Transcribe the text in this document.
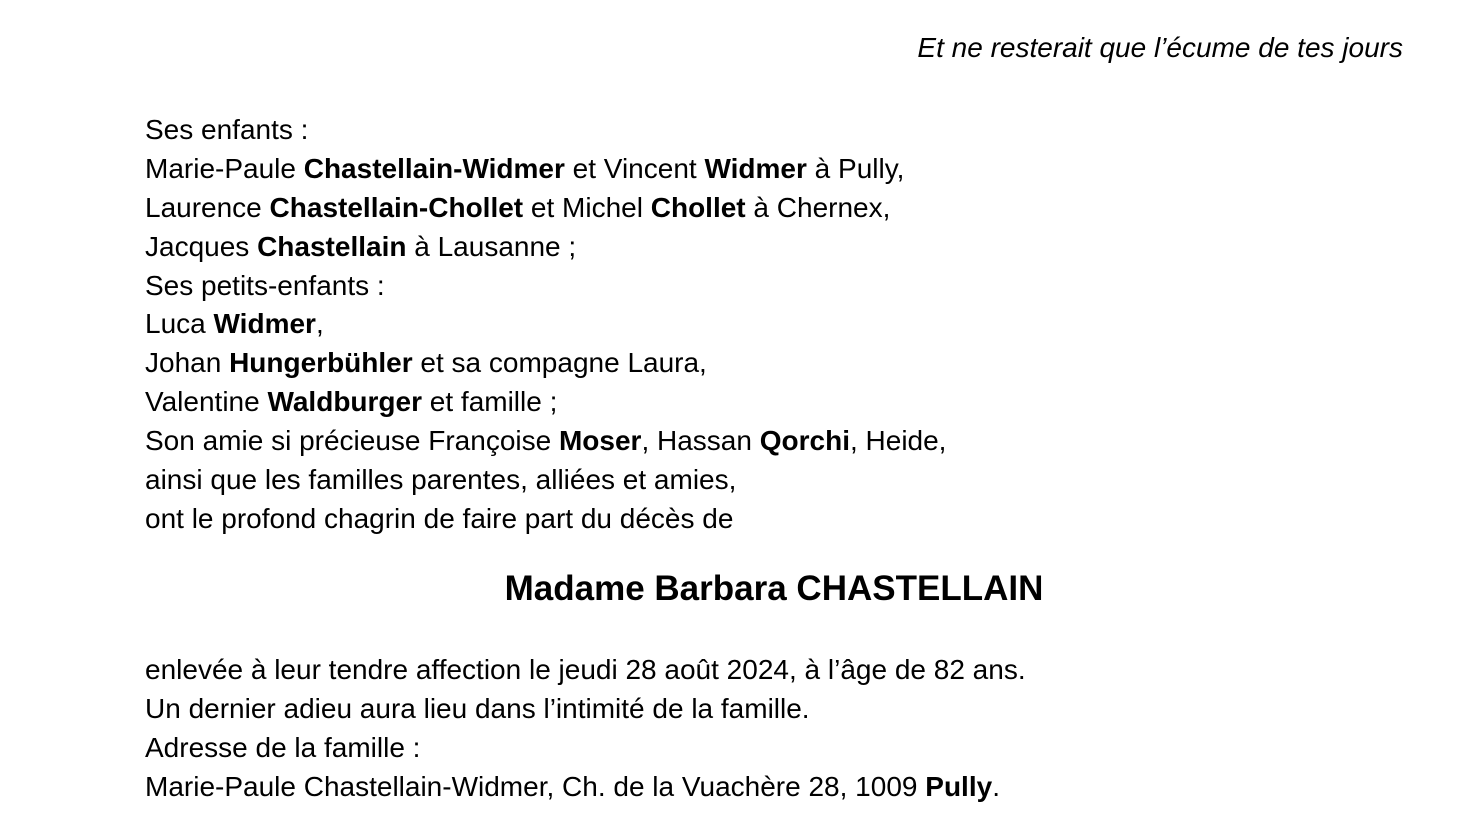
Et ne resterait que l’écume de tes jours
Ses enfants :
Marie-Paule Chastellain-Widmer et Vincent Widmer à Pully,
Laurence Chastellain-Chollet et Michel Chollet à Chernex,
Jacques Chastellain à Lausanne ;
Ses petits-enfants :
Luca Widmer,
Johan Hungerbühler et sa compagne Laura,
Valentine Waldburger et famille ;
Son amie si précieuse Françoise Moser, Hassan Qorchi, Heide,
ainsi que les familles parentes, alliées et amies,
ont le profond chagrin de faire part du décès de
Madame Barbara CHASTELLAIN
enlevée à leur tendre affection le jeudi 28 août 2024, à l’âge de 82 ans.
Un dernier adieu aura lieu dans l’intimité de la famille.
Adresse de la famille :
Marie-Paule Chastellain-Widmer, Ch. de la Vuachère 28, 1009 Pully.
